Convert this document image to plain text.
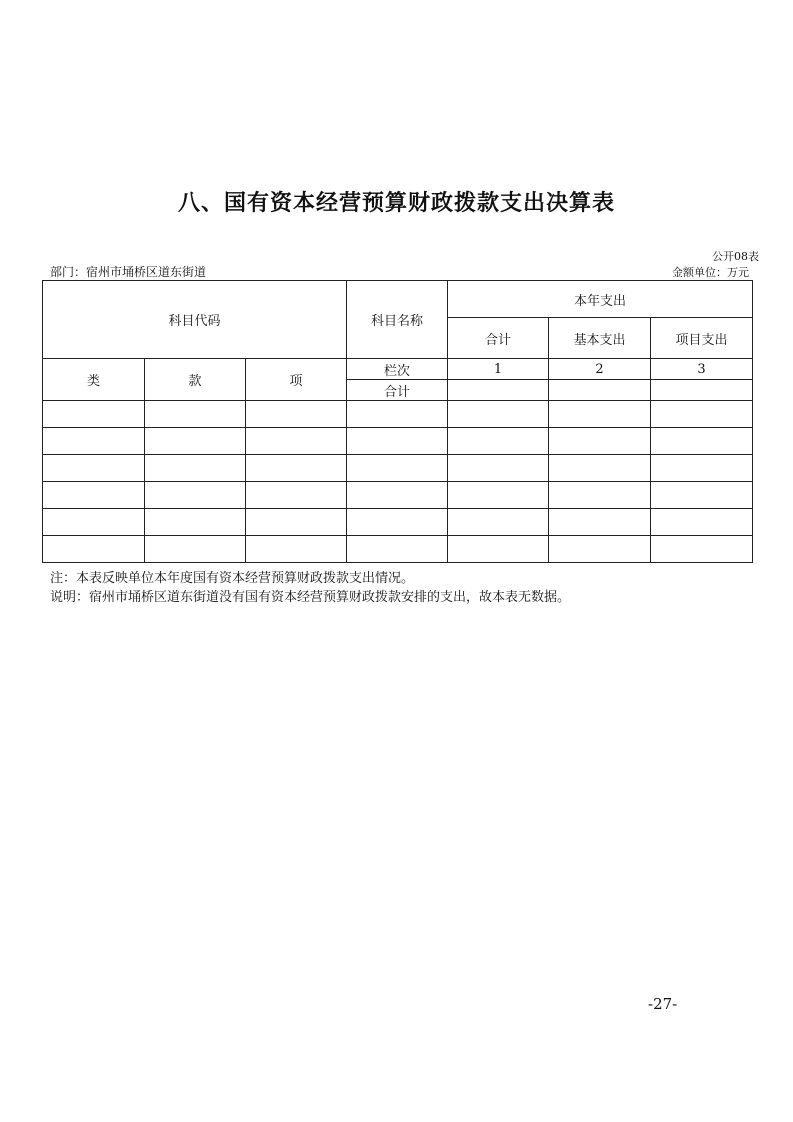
八、国有资本经营预算财政拨款支出决算表
公开08表
部门：宿州市埇桥区道东街道	金额单位：万元
科目代码			科目名称	本年支出		
				合计	基本支出	项目支出
类	款	项	栏次	1	2	3
			合计			

注：本表反映单位本年度国有资本经营预算财政拨款支出情况。
说明：宿州市埇桥区道东街道没有国有资本经营预算财政拨款安排的支出，故本表无数据。
-27-
